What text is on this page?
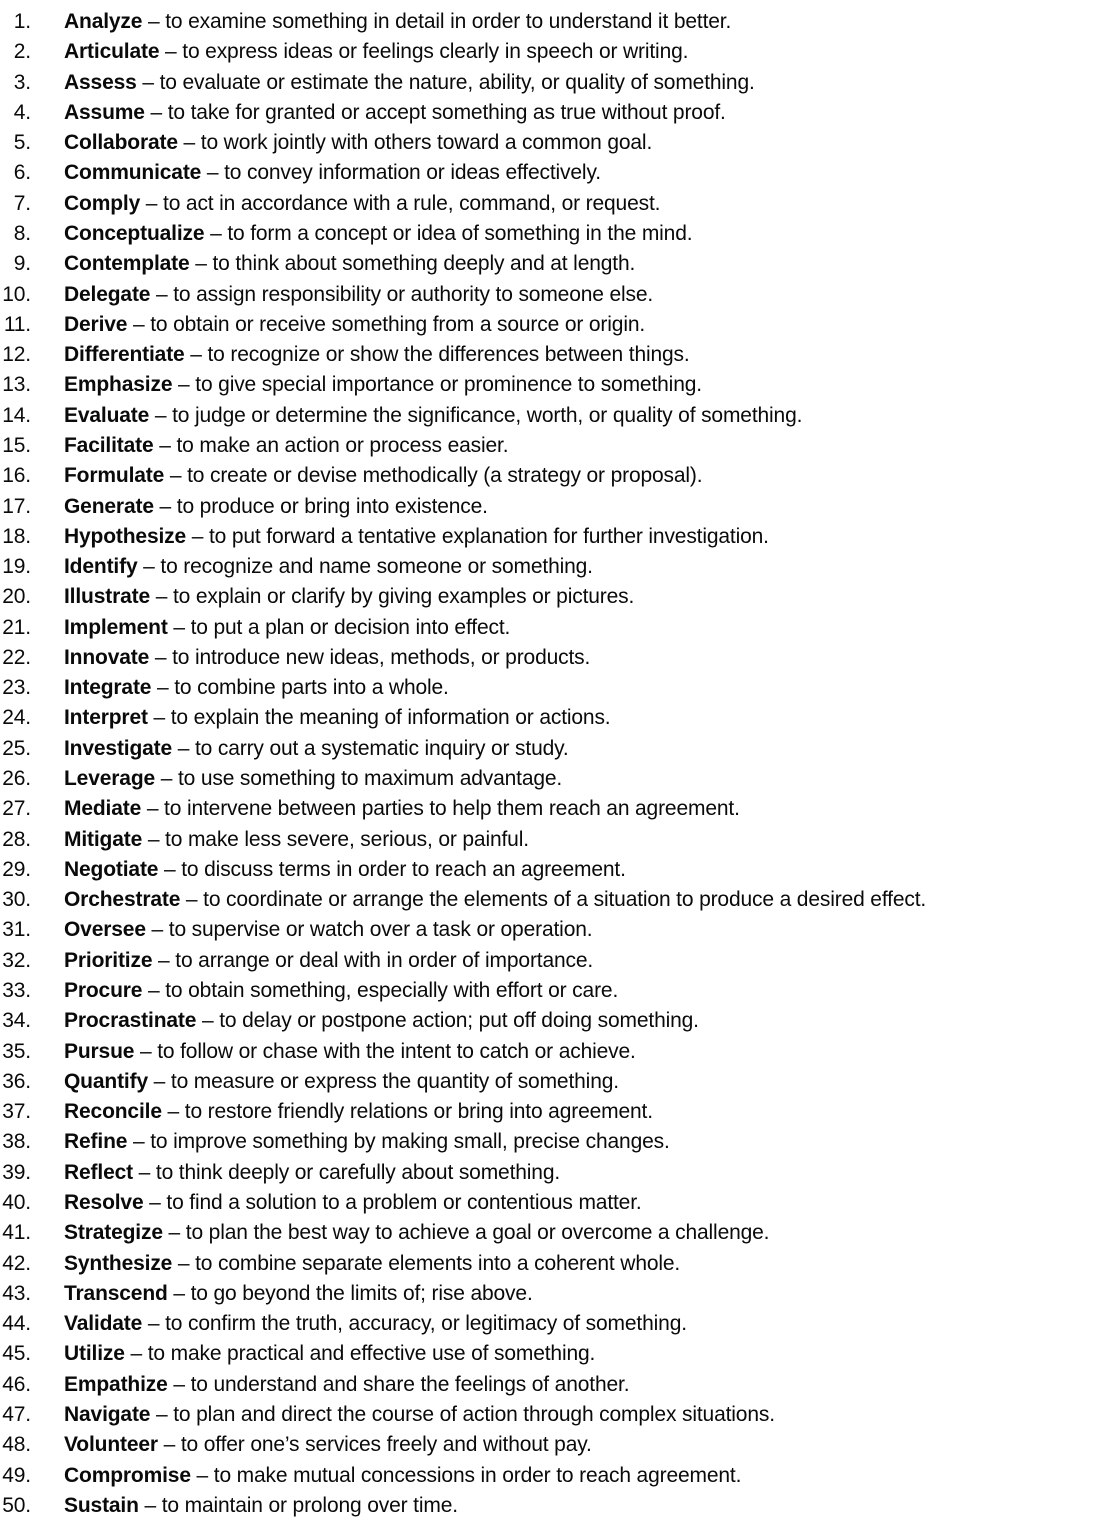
1.	Analyze – to examine something in detail in order to understand it better.
2.	Articulate – to express ideas or feelings clearly in speech or writing.
3.	Assess – to evaluate or estimate the nature, ability, or quality of something.
4.	Assume – to take for granted or accept something as true without proof.
5.	Collaborate – to work jointly with others toward a common goal.
6.	Communicate – to convey information or ideas effectively.
7.	Comply – to act in accordance with a rule, command, or request.
8.	Conceptualize – to form a concept or idea of something in the mind.
9.	Contemplate – to think about something deeply and at length.
10.	Delegate – to assign responsibility or authority to someone else.
11.	Derive – to obtain or receive something from a source or origin.
12.	Differentiate – to recognize or show the differences between things.
13.	Emphasize – to give special importance or prominence to something.
14.	Evaluate – to judge or determine the significance, worth, or quality of something.
15.	Facilitate – to make an action or process easier.
16.	Formulate – to create or devise methodically (a strategy or proposal).
17.	Generate – to produce or bring into existence.
18.	Hypothesize – to put forward a tentative explanation for further investigation.
19.	Identify – to recognize and name someone or something.
20.	Illustrate – to explain or clarify by giving examples or pictures.
21.	Implement – to put a plan or decision into effect.
22.	Innovate – to introduce new ideas, methods, or products.
23.	Integrate – to combine parts into a whole.
24.	Interpret – to explain the meaning of information or actions.
25.	Investigate – to carry out a systematic inquiry or study.
26.	Leverage – to use something to maximum advantage.
27.	Mediate – to intervene between parties to help them reach an agreement.
28.	Mitigate – to make less severe, serious, or painful.
29.	Negotiate – to discuss terms in order to reach an agreement.
30.	Orchestrate – to coordinate or arrange the elements of a situation to produce a desired effect.
31.	Oversee – to supervise or watch over a task or operation.
32.	Prioritize – to arrange or deal with in order of importance.
33.	Procure – to obtain something, especially with effort or care.
34.	Procrastinate – to delay or postpone action; put off doing something.
35.	Pursue – to follow or chase with the intent to catch or achieve.
36.	Quantify – to measure or express the quantity of something.
37.	Reconcile – to restore friendly relations or bring into agreement.
38.	Refine – to improve something by making small, precise changes.
39.	Reflect – to think deeply or carefully about something.
40.	Resolve – to find a solution to a problem or contentious matter.
41.	Strategize – to plan the best way to achieve a goal or overcome a challenge.
42.	Synthesize – to combine separate elements into a coherent whole.
43.	Transcend – to go beyond the limits of; rise above.
44.	Validate – to confirm the truth, accuracy, or legitimacy of something.
45.	Utilize – to make practical and effective use of something.
46.	Empathize – to understand and share the feelings of another.
47.	Navigate – to plan and direct the course of action through complex situations.
48.	Volunteer – to offer one’s services freely and without pay.
49.	Compromise – to make mutual concessions in order to reach agreement.
50.	Sustain – to maintain or prolong over time.
